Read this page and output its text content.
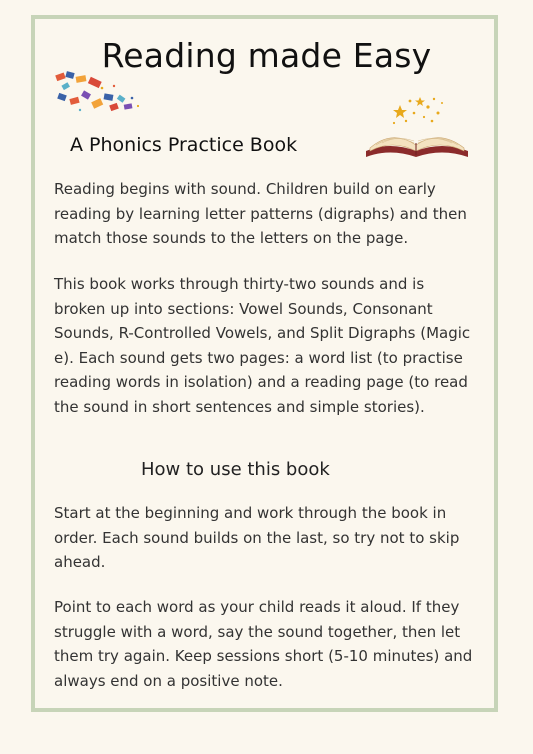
Reading made Easy
A Phonics Practice Book

Reading begins with sound. Children build on early reading by learning letter patterns (digraphs) and then match those sounds to the letters on the page.

This book works through thirty-two sounds and is broken up into sections: Vowel Sounds, Consonant Sounds, R-Controlled Vowels, and Split Digraphs (Magic e). Each sound gets two pages: a word list (to practise reading words in isolation) and a reading page (to read the sound in short sentences and simple stories).

How to use this book

Start at the beginning and work through the book in order. Each sound builds on the last, so try not to skip ahead.

Point to each word as your child reads it aloud. If they struggle with a word, say the sound together, then let them try again. Keep sessions short (5-10 minutes) and always end on a positive note.
